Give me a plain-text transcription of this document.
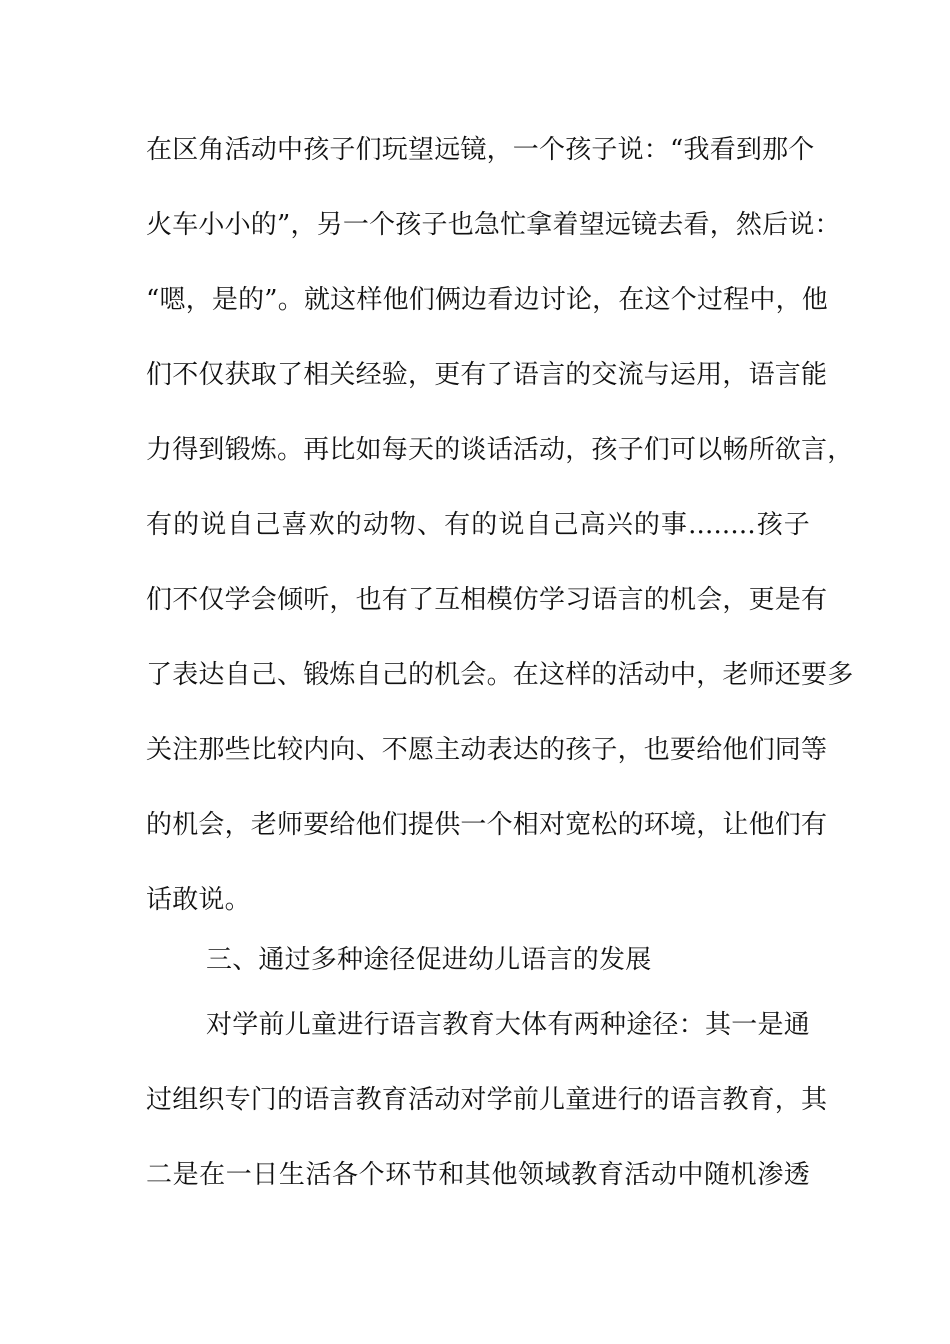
在区角活动中孩子们玩望远镜，一个孩子说：“我看到那个
火车小小的”，另一个孩子也急忙拿着望远镜去看，然后说：
“嗯，是的”。就这样他们俩边看边讨论，在这个过程中，他
们不仅获取了相关经验，更有了语言的交流与运用，语言能
力得到锻炼。再比如每天的谈话活动，孩子们可以畅所欲言，
有的说自己喜欢的动物、有的说自己高兴的事........孩子
们不仅学会倾听，也有了互相模仿学习语言的机会，更是有
了表达自己、锻炼自己的机会。在这样的活动中，老师还要多
关注那些比较内向、不愿主动表达的孩子，也要给他们同等
的机会，老师要给他们提供一个相对宽松的环境，让他们有
话敢说。
三、通过多种途径促进幼儿语言的发展
对学前儿童进行语言教育大体有两种途径：其一是通
过组织专门的语言教育活动对学前儿童进行的语言教育，其
二是在一日生活各个环节和其他领域教育活动中随机渗透
